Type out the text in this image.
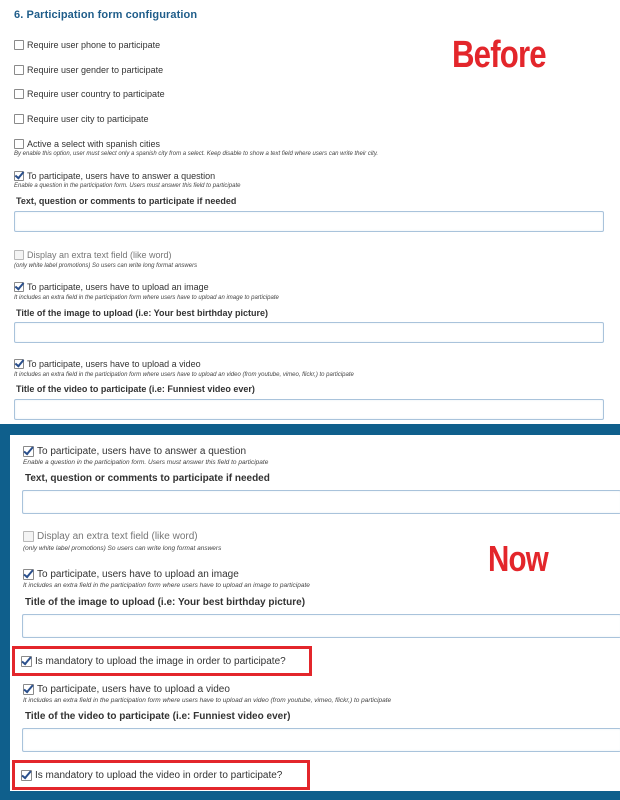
6. Participation form configuration
Before
Require user phone to participate
Require user gender to participate
Require user country to participate
Require user city to participate
Active a select with spanish cities
By enable this option, user must select only a spanish city from a select. Keep disable to show a text field where users can write their city.
To participate, users have to answer a question
Enable a question in the participation form. Users must answer this field to participate
Text, question or comments to participate if needed
Display an extra text field (like word)
(only white label promotions) So users can write long format answers
To participate, users have to upload an image
It includes an extra field in the participation form where users have to upload an image to participate
Title of the image to upload (i.e: Your best birthday picture)
To participate, users have to upload a video
It includes an extra field in the participation form where users have to upload an video (from youtube, vimeo, flickr,) to participate
Title of the video to participate (i.e: Funniest video ever)
To participate, users have to answer a question
Enable a question in the participation form. Users must answer this field to participate
Text, question or comments to participate if needed
Now
Display an extra text field (like word)
(only white label promotions) So users can write long format answers
To participate, users have to upload an image
It includes an extra field in the participation form where users have to upload an image to participate
Title of the image to upload (i.e: Your best birthday picture)
Is mandatory to upload the image in order to participate?
To participate, users have to upload a video
It includes an extra field in the participation form where users have to upload an video (from youtube, vimeo, flickr,) to participate
Title of the video to participate (i.e: Funniest video ever)
Is mandatory to upload the video in order to participate?
